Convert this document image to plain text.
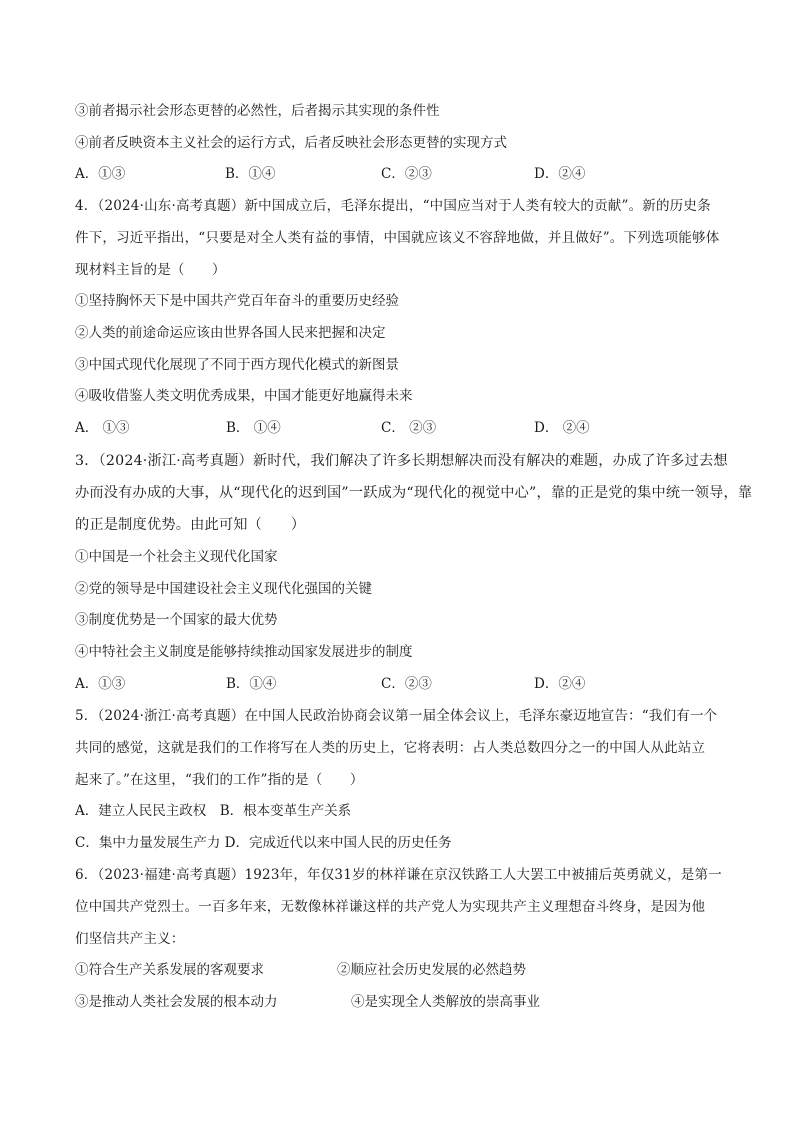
③前者揭示社会形态更替的必然性，后者揭示其实现的条件性
④前者反映资本主义社会的运行方式，后者反映社会形态更替的实现方式
A．①③	B．①④	C．②③	D．②④
4．（2024·山东·高考真题）新中国成立后，毛泽东提出，“中国应当对于人类有较大的贡献”。新的历史条
件下，习近平指出，“只要是对全人类有益的事情，中国就应该义不容辞地做，并且做好”。下列选项能够体
现材料主旨的是（　　）
①坚持胸怀天下是中国共产党百年奋斗的重要历史经验
②人类的前途命运应该由世界各国人民来把握和决定
③中国式现代化展现了不同于西方现代化模式的新图景
④吸收借鉴人类文明优秀成果，中国才能更好地赢得未来
A． ①③	B． ①④	C． ②③	D． ②④
3．（2024·浙江·高考真题）新时代，我们解决了许多长期想解决而没有解决的难题，办成了许多过去想
办而没有办成的大事，从“现代化的迟到国”一跃成为“现代化的视觉中心”，靠的正是党的集中统一领导，靠
的正是制度优势。由此可知（　　）
①中国是一个社会主义现代化国家
②党的领导是中国建设社会主义现代化强国的关键
③制度优势是一个国家的最大优势
④中特社会主义制度是能够持续推动国家发展进步的制度
A．①③	B．①④	C．②③	D．②④
5．（2024·浙江·高考真题）在中国人民政治协商会议第一届全体会议上，毛泽东豪迈地宣告：“我们有一个
共同的感觉，这就是我们的工作将写在人类的历史上，它将表明：占人类总数四分之一的中国人从此站立
起来了。”在这里，“我们的工作”指的是（　　）
A．建立人民民主政权　B．根本变革生产关系
C．集中力量发展生产力 D．完成近代以来中国人民的历史任务
6．（2023·福建·高考真题）1923年，年仅31岁的林祥谦在京汉铁路工人大罢工中被捕后英勇就义，是第一
位中国共产党烈士。一百多年来，无数像林祥谦这样的共产党人为实现共产主义理想奋斗终身，是因为他
们坚信共产主义：
①符合生产关系发展的客观要求	②顺应社会历史发展的必然趋势
③是推动人类社会发展的根本动力	④是实现全人类解放的崇高事业
